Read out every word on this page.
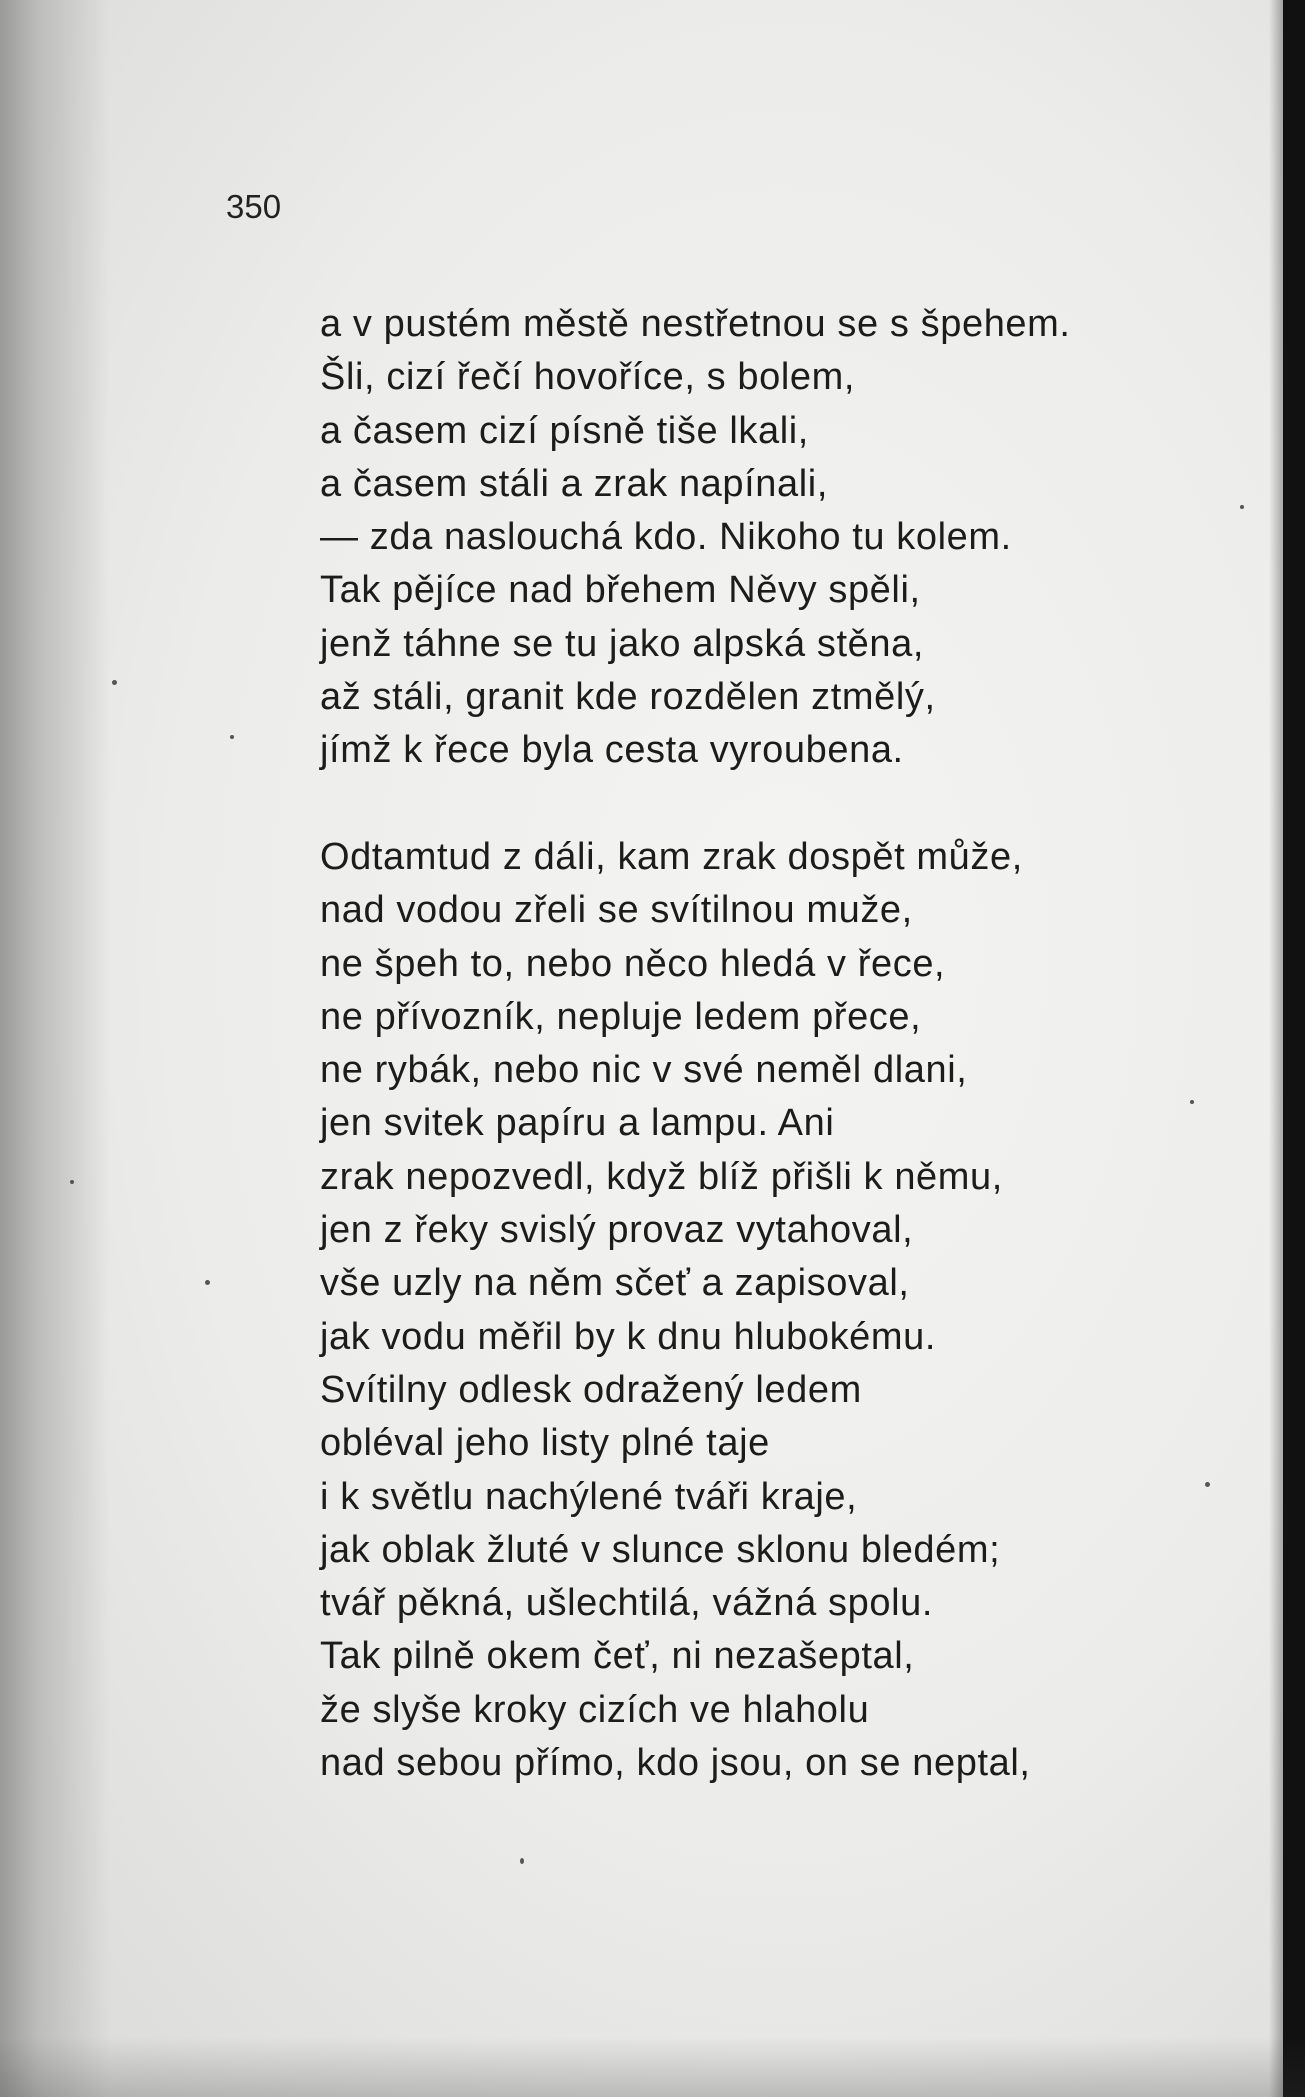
350
a v pustém městě nestřetnou se s špehem.
Šli, cizí řečí hovoříce, s bolem,
a časem cizí písně tiše lkali,
a časem stáli a zrak napínali,
— zda naslouchá kdo. Nikoho tu kolem.
Tak pějíce nad břehem Něvy spěli,
jenž táhne se tu jako alpská stěna,
až stáli, granit kde rozdělen ztmělý,
jímž k řece byla cesta vyroubena.
Odtamtud z dáli, kam zrak dospět může,
nad vodou zřeli se svítilnou muže,
ne špeh to, nebo něco hledá v řece,
ne přívozník, nepluje ledem přece,
ne rybák, nebo nic v své neměl dlani,
jen svitek papíru a lampu. Ani
zrak nepozvedl, když blíž přišli k němu,
jen z řeky svislý provaz vytahoval,
vše uzly na něm sčeť a zapisoval,
jak vodu měřil by k dnu hlubokému.
Svítilny odlesk odražený ledem
obléval jeho listy plné taje
i k světlu nachýlené tváři kraje,
jak oblak žluté v slunce sklonu bledém;
tvář pěkná, ušlechtilá, vážná spolu.
Tak pilně okem čeť, ni nezašeptal,
že slyše kroky cizích ve hlaholu
nad sebou přímo, kdo jsou, on se neptal,
